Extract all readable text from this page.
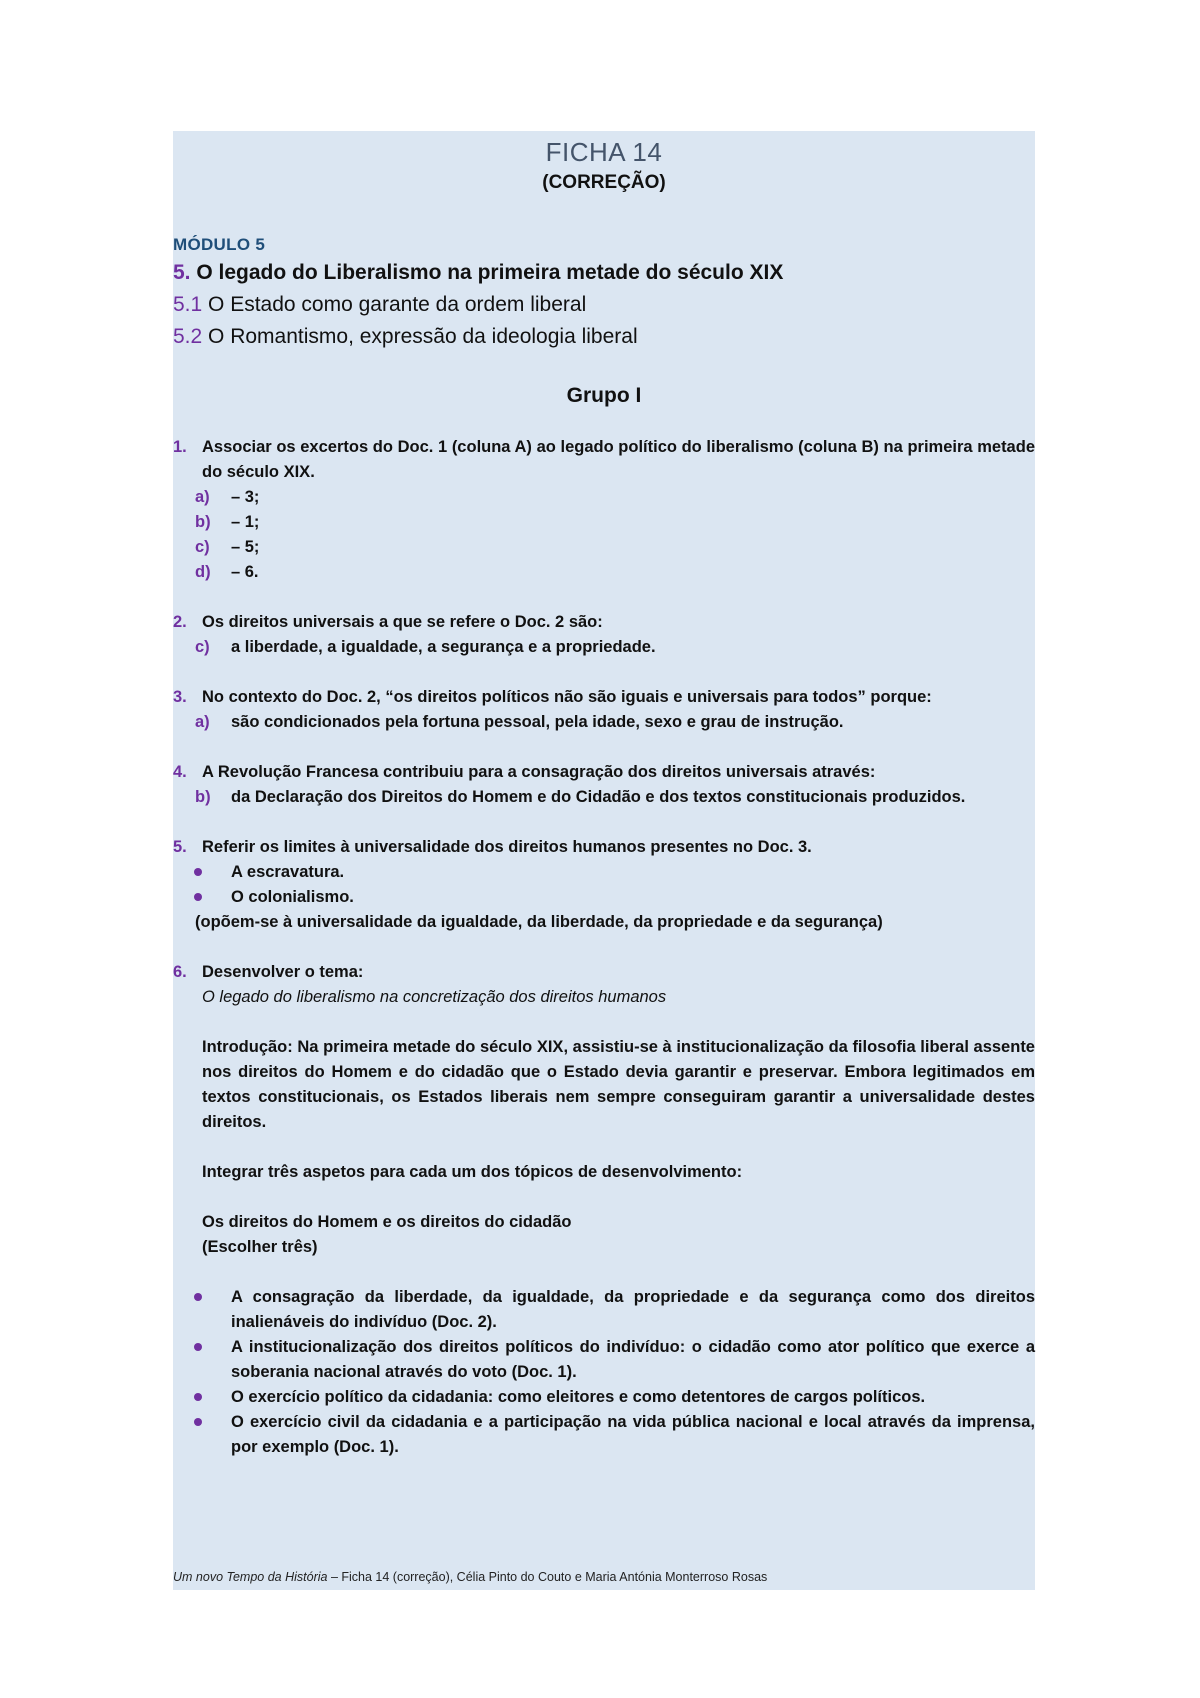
FICHA 14
(CORREÇÃO)
MÓDULO 5
5. O legado do Liberalismo na primeira metade do século XIX
5.1 O Estado como garante da ordem liberal
5.2 O Romantismo, expressão da ideologia liberal
Grupo I
1. Associar os excertos do Doc. 1 (coluna A) ao legado político do liberalismo (coluna B) na primeira metade do século XIX.
a) – 3;
b) – 1;
c) – 5;
d) – 6.
2. Os direitos universais a que se refere o Doc. 2 são:
c) a liberdade, a igualdade, a segurança e a propriedade.
3. No contexto do Doc. 2, “os direitos políticos não são iguais e universais para todos” porque:
a) são condicionados pela fortuna pessoal, pela idade, sexo e grau de instrução.
4. A Revolução Francesa contribuiu para a consagração dos direitos universais através:
b) da Declaração dos Direitos do Homem e do Cidadão e dos textos constitucionais produzidos.
5. Referir os limites à universalidade dos direitos humanos presentes no Doc. 3.
A escravatura.
O colonialismo.
(opõem-se à universalidade da igualdade, da liberdade, da propriedade e da segurança)
6. Desenvolver o tema:
O legado do liberalismo na concretização dos direitos humanos
Introdução: Na primeira metade do século XIX, assistiu-se à institucionalização da filosofia liberal assente nos direitos do Homem e do cidadão que o Estado devia garantir e preservar. Embora legitimados em textos constitucionais, os Estados liberais nem sempre conseguiram garantir a universalidade destes direitos.
Integrar três aspetos para cada um dos tópicos de desenvolvimento:
Os direitos do Homem e os direitos do cidadão
(Escolher três)
A consagração da liberdade, da igualdade, da propriedade e da segurança como dos direitos inalienáveis do indivíduo (Doc. 2).
A institucionalização dos direitos políticos do indivíduo: o cidadão como ator político que exerce a soberania nacional através do voto (Doc. 1).
O exercício político da cidadania: como eleitores e como detentores de cargos políticos.
O exercício civil da cidadania e a participação na vida pública nacional e local através da imprensa, por exemplo (Doc. 1).
Um novo Tempo da História – Ficha 14 (correção), Célia Pinto do Couto e Maria Antónia Monterroso Rosas
